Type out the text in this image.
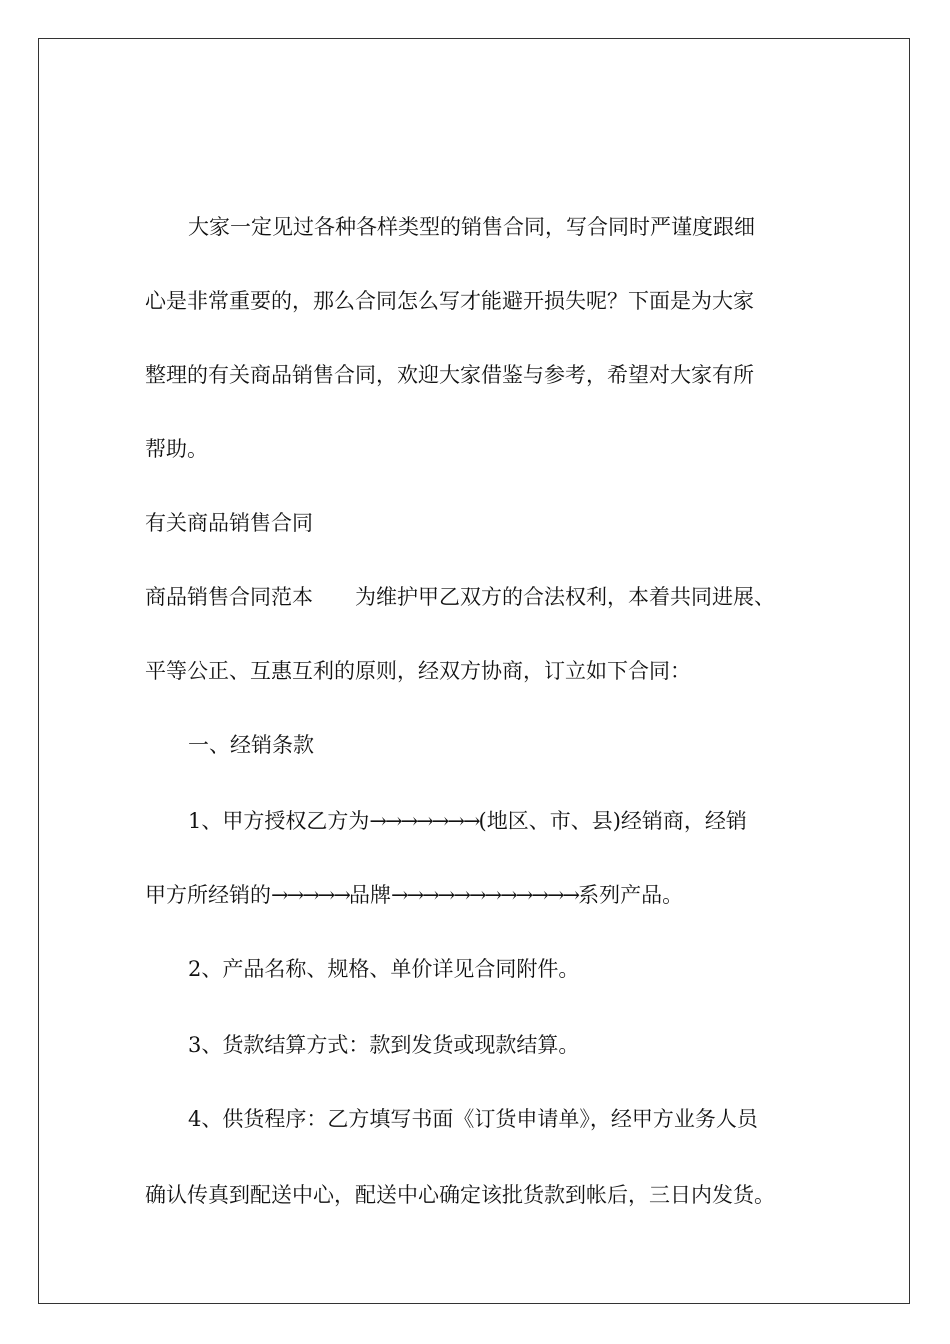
大家一定见过各种各样类型的销售合同，写合同时严谨度跟细
心是非常重要的，那么合同怎么写才能避开损失呢？下面是为大家
整理的有关商品销售合同，欢迎大家借鉴与参考，希望对大家有所
帮助。
有关商品销售合同
商品销售合同范本 为维护甲乙双方的合法权利，本着共同进展、
平等公正、互惠互利的原则，经双方协商，订立如下合同：
一、经销条款
1、甲方授权乙方为→→→→→→→(地区、市、县)经销商，经销
甲方所经销的→→→→→品牌→→→→→→→→→→→→系列产品。
2、产品名称、规格、单价详见合同附件。
3、货款结算方式：款到发货或现款结算。
4、供货程序：乙方填写书面《订货申请单》，经甲方业务人员
确认传真到配送中心，配送中心确定该批货款到帐后，三日内发货。
